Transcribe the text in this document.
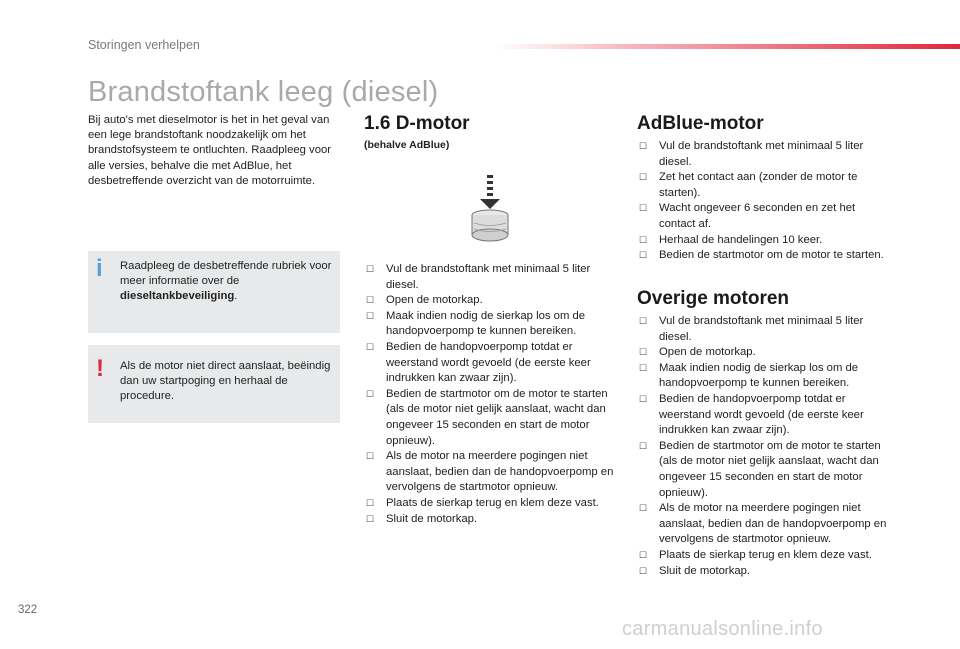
Storingen verhelpen
Brandstoftank leeg (diesel)
Bij auto's met dieselmotor is het in het geval van een lege brandstoftank noodzakelijk om het brandstofsysteem te ontluchten. Raadpleeg voor alle versies, behalve die met AdBlue, het desbetreffende overzicht van de motorruimte.
i Raadpleeg de desbetreffende rubriek voor meer informatie over de dieseltankbeveiliging.
! Als de motor niet direct aanslaat, beëindig dan uw startpoging en herhaal de procedure.
1.6 D-motor
(behalve AdBlue)
☐ Vul de brandstoftank met minimaal 5 liter diesel.
☐ Open de motorkap.
☐ Maak indien nodig de sierkap los om de handopvoerpomp te kunnen bereiken.
☐ Bedien de handopvoerpomp totdat er weerstand wordt gevoeld (de eerste keer indrukken kan zwaar zijn).
☐ Bedien de startmotor om de motor te starten (als de motor niet gelijk aanslaat, wacht dan ongeveer 15 seconden en start de motor opnieuw).
☐ Als de motor na meerdere pogingen niet aanslaat, bedien dan de handopvoerpomp en vervolgens de startmotor opnieuw.
☐ Plaats de sierkap terug en klem deze vast.
☐ Sluit de motorkap.
AdBlue-motor
☐ Vul de brandstoftank met minimaal 5 liter diesel.
☐ Zet het contact aan (zonder de motor te starten).
☐ Wacht ongeveer 6 seconden en zet het contact af.
☐ Herhaal de handelingen 10 keer.
☐ Bedien de startmotor om de motor te starten.
Overige motoren
☐ Vul de brandstoftank met minimaal 5 liter diesel.
☐ Open de motorkap.
☐ Maak indien nodig de sierkap los om de handopvoerpomp te kunnen bereiken.
☐ Bedien de handopvoerpomp totdat er weerstand wordt gevoeld (de eerste keer indrukken kan zwaar zijn).
☐ Bedien de startmotor om de motor te starten (als de motor niet gelijk aanslaat, wacht dan ongeveer 15 seconden en start de motor opnieuw).
☐ Als de motor na meerdere pogingen niet aanslaat, bedien dan de handopvoerpomp en vervolgens de startmotor opnieuw.
☐ Plaats de sierkap terug en klem deze vast.
☐ Sluit de motorkap.
322
carmanualsonline.info
